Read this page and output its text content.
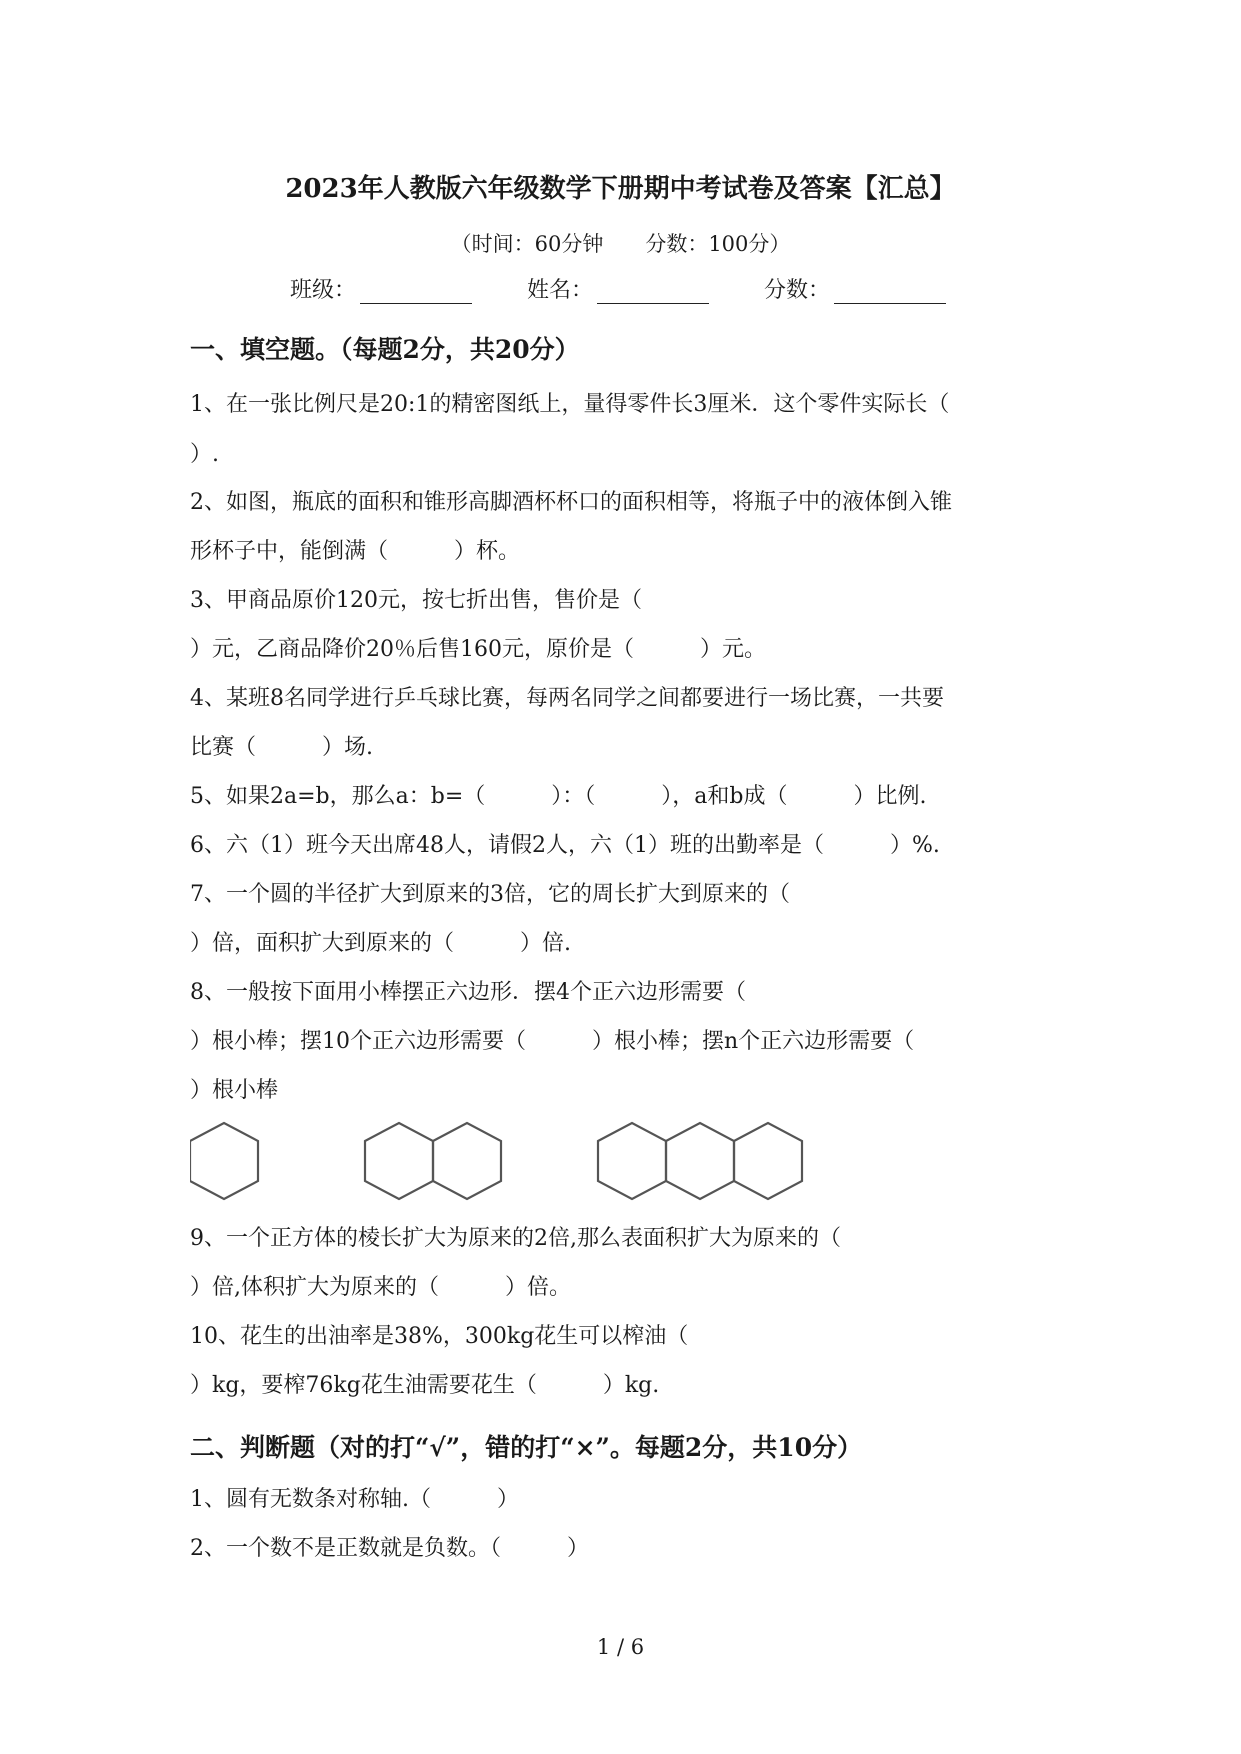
2023年人教版六年级数学下册期中考试卷及答案【汇总】
（时间：60分钟　　分数：100分）
班级：	姓名：	分数：
一、填空题。（每题2分，共20分）
1、在一张比例尺是20:1的精密图纸上，量得零件长3厘米．这个零件实际长（
）.
2、如图，瓶底的面积和锥形高脚酒杯杯口的面积相等，将瓶子中的液体倒入锥
形杯子中，能倒满（　　　）杯。
3、甲商品原价120元，按七折出售，售价是（
）元，乙商品降价20％后售160元，原价是（　　　）元。
4、某班8名同学进行乒乓球比赛，每两名同学之间都要进行一场比赛，一共要
比赛（　　　）场.
5、如果2a=b，那么a：b=（　　　）：（　　　），a和b成（　　　）比例.
6、六（1）班今天出席48人，请假2人，六（1）班的出勤率是（　　　）%.
7、一个圆的半径扩大到原来的3倍，它的周长扩大到原来的（
）倍，面积扩大到原来的（　　　）倍.
8、一般按下面用小棒摆正六边形．摆4个正六边形需要（
）根小棒；摆10个正六边形需要（　　　）根小棒；摆n个正六边形需要（
）根小棒
9、一个正方体的棱长扩大为原来的2倍,那么表面积扩大为原来的（
）倍,体积扩大为原来的（　　　）倍。
10、花生的出油率是38%，300kg花生可以榨油（
）kg，要榨76kg花生油需要花生（　　　）kg.
二、判断题（对的打“√”，错的打“×”。每题2分，共10分）
1、圆有无数条对称轴.（　　　）
2、一个数不是正数就是负数。（　　　）
1 / 6
